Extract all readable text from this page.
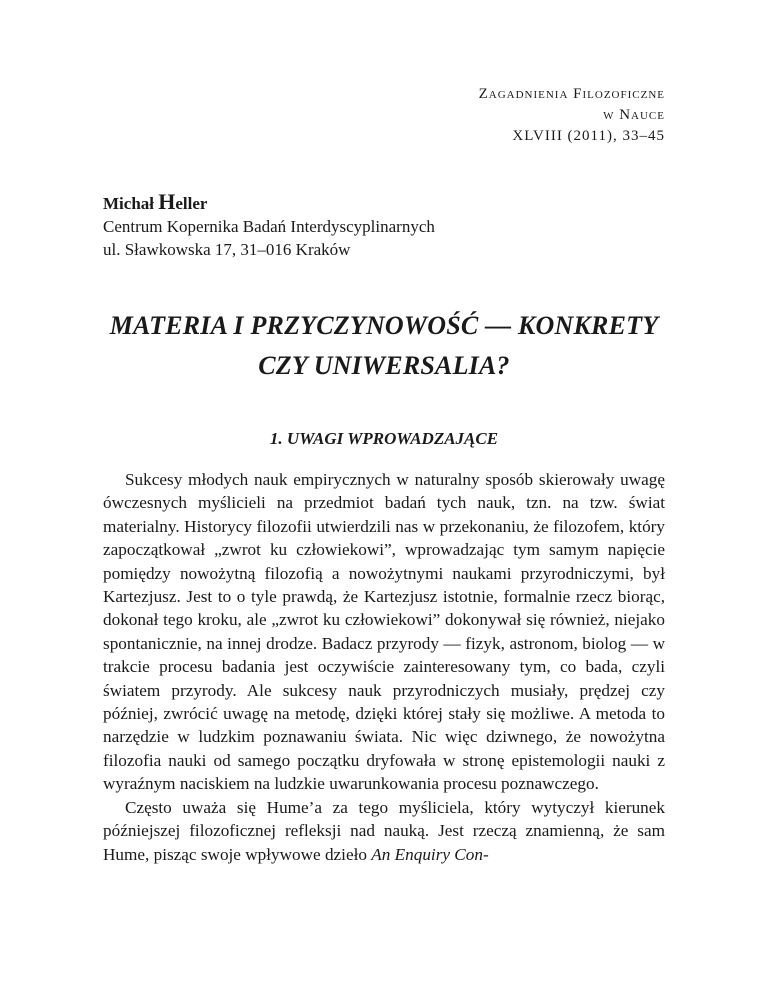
Zagadnienia Filozoficzne
w Nauce
XLVIII (2011), 33–45
Michał Heller
Centrum Kopernika Badań Interdyscyplinarnych
ul. Sławkowska 17, 31–016 Kraków
MATERIA I PRZYCZYNOWOŚĆ — KONKRETY
CZY UNIWERSALIA?
1. UWAGI WPROWADZAJĄCE

Sukcesy młodych nauk empirycznych w naturalny sposób skierowały uwagę ówczesnych myślicieli na przedmiot badań tych nauk, tzn. na tzw. świat materialny. Historycy filozofii utwierdzili nas w przekonaniu, że filozofem, który zapoczątkował „zwrot ku człowiekowi”, wprowadzając tym samym napięcie pomiędzy nowożytną filozofią a nowożytnymi naukami przyrodniczymi, był Kartezjusz. Jest to o tyle prawdą, że Kartezjusz istotnie, formalnie rzecz biorąc, dokonał tego kroku, ale „zwrot ku człowiekowi” dokonywał się również, niejako spontanicznie, na innej drodze. Badacz przyrody — fizyk, astronom, biolog — w trakcie procesu badania jest oczywiście zainteresowany tym, co bada, czyli światem przyrody. Ale sukcesy nauk przyrodniczych musiały, prędzej czy później, zwrócić uwagę na metodę, dzięki której stały się możliwe. A metoda to narzędzie w ludzkim poznawaniu świata. Nic więc dziwnego, że nowożytna filozofia nauki od samego początku dryfowała w stronę epistemologii nauki z wyraźnym naciskiem na ludzkie uwarunkowania procesu poznawczego.

Często uważa się Hume’a za tego myśliciela, który wytyczył kierunek późniejszej filozoficznej refleksji nad nauką. Jest rzeczą znamienną, że sam Hume, pisząc swoje wpływowe dzieło An Enquiry Con-
